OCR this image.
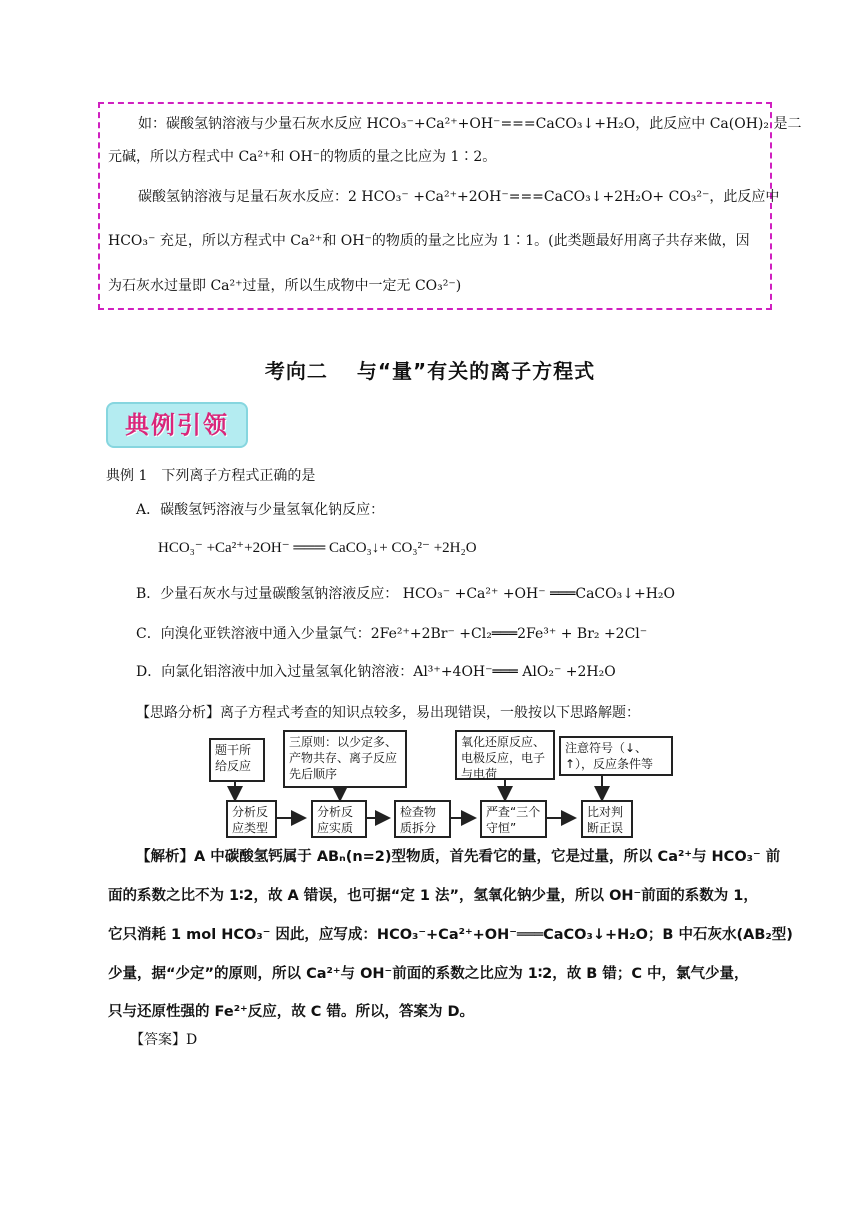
如：碳酸氢钠溶液与少量石灰水反应 HCO₃⁻+Ca²⁺+OH⁻===CaCO₃↓+H₂O，此反应中 Ca(OH)₂ 是二
元碱，所以方程式中 Ca²⁺和 OH⁻的物质的量之比应为 1∶2。
碳酸氢钠溶液与足量石灰水反应：2 HCO₃⁻ +Ca²⁺+2OH⁻===CaCO₃↓+2H₂O+ CO₃²⁻，此反应中
HCO₃⁻ 充足，所以方程式中 Ca²⁺和 OH⁻的物质的量之比应为 1∶1。(此类题最好用离子共存来做，因
为石灰水过量即 Ca²⁺过量，所以生成物中一定无 CO₃²⁻)
考向二　 与“量”有关的离子方程式
典例引领
典例 1　下列离子方程式正确的是
A．碳酸氢钙溶液与少量氢氧化钠反应：
HCO₃⁻ +Ca²⁺+2OH⁻ ═══ CaCO₃↓+ CO₃²⁻ +2H₂O
B．少量石灰水与过量碳酸氢钠溶液反应： HCO₃⁻ +Ca²⁺ +OH⁻ ═══CaCO₃↓+H₂O
C．向溴化亚铁溶液中通入少量氯气：2Fe²⁺+2Br⁻ +Cl₂═══2Fe³⁺ + Br₂ +2Cl⁻
D．向氯化铝溶液中加入过量氢氧化钠溶液：Al³⁺+4OH⁻═══ AlO₂⁻ +2H₂O
【思路分析】离子方程式考查的知识点较多，易出现错误，一般按以下思路解题：
题干所给反应
三原则：以少定多、产物共存、离子反应先后顺序
氧化还原反应、电极反应，电子与电荷
注意符号（↓、↑），反应条件等
分析反应类型
分析反应实质
检查物质拆分
严查“三个守恒”
比对判断正误
【解析】A 中碳酸氢钙属于 ABₙ(n=2)型物质，首先看它的量，它是过量，所以 Ca²⁺与 HCO₃⁻ 前
面的系数之比不为 1∶2，故 A 错误，也可据“定 1 法”，氢氧化钠少量，所以 OH⁻前面的系数为 1，
它只消耗 1 mol HCO₃⁻ 因此，应写成：HCO₃⁻+Ca²⁺+OH⁻═══CaCO₃↓+H₂O；B 中石灰水(AB₂型)
少量，据“少定”的原则，所以 Ca²⁺与 OH⁻前面的系数之比应为 1∶2，故 B 错；C 中，氯气少量，
只与还原性强的 Fe²⁺反应，故 C 错。所以，答案为 D。
【答案】D
